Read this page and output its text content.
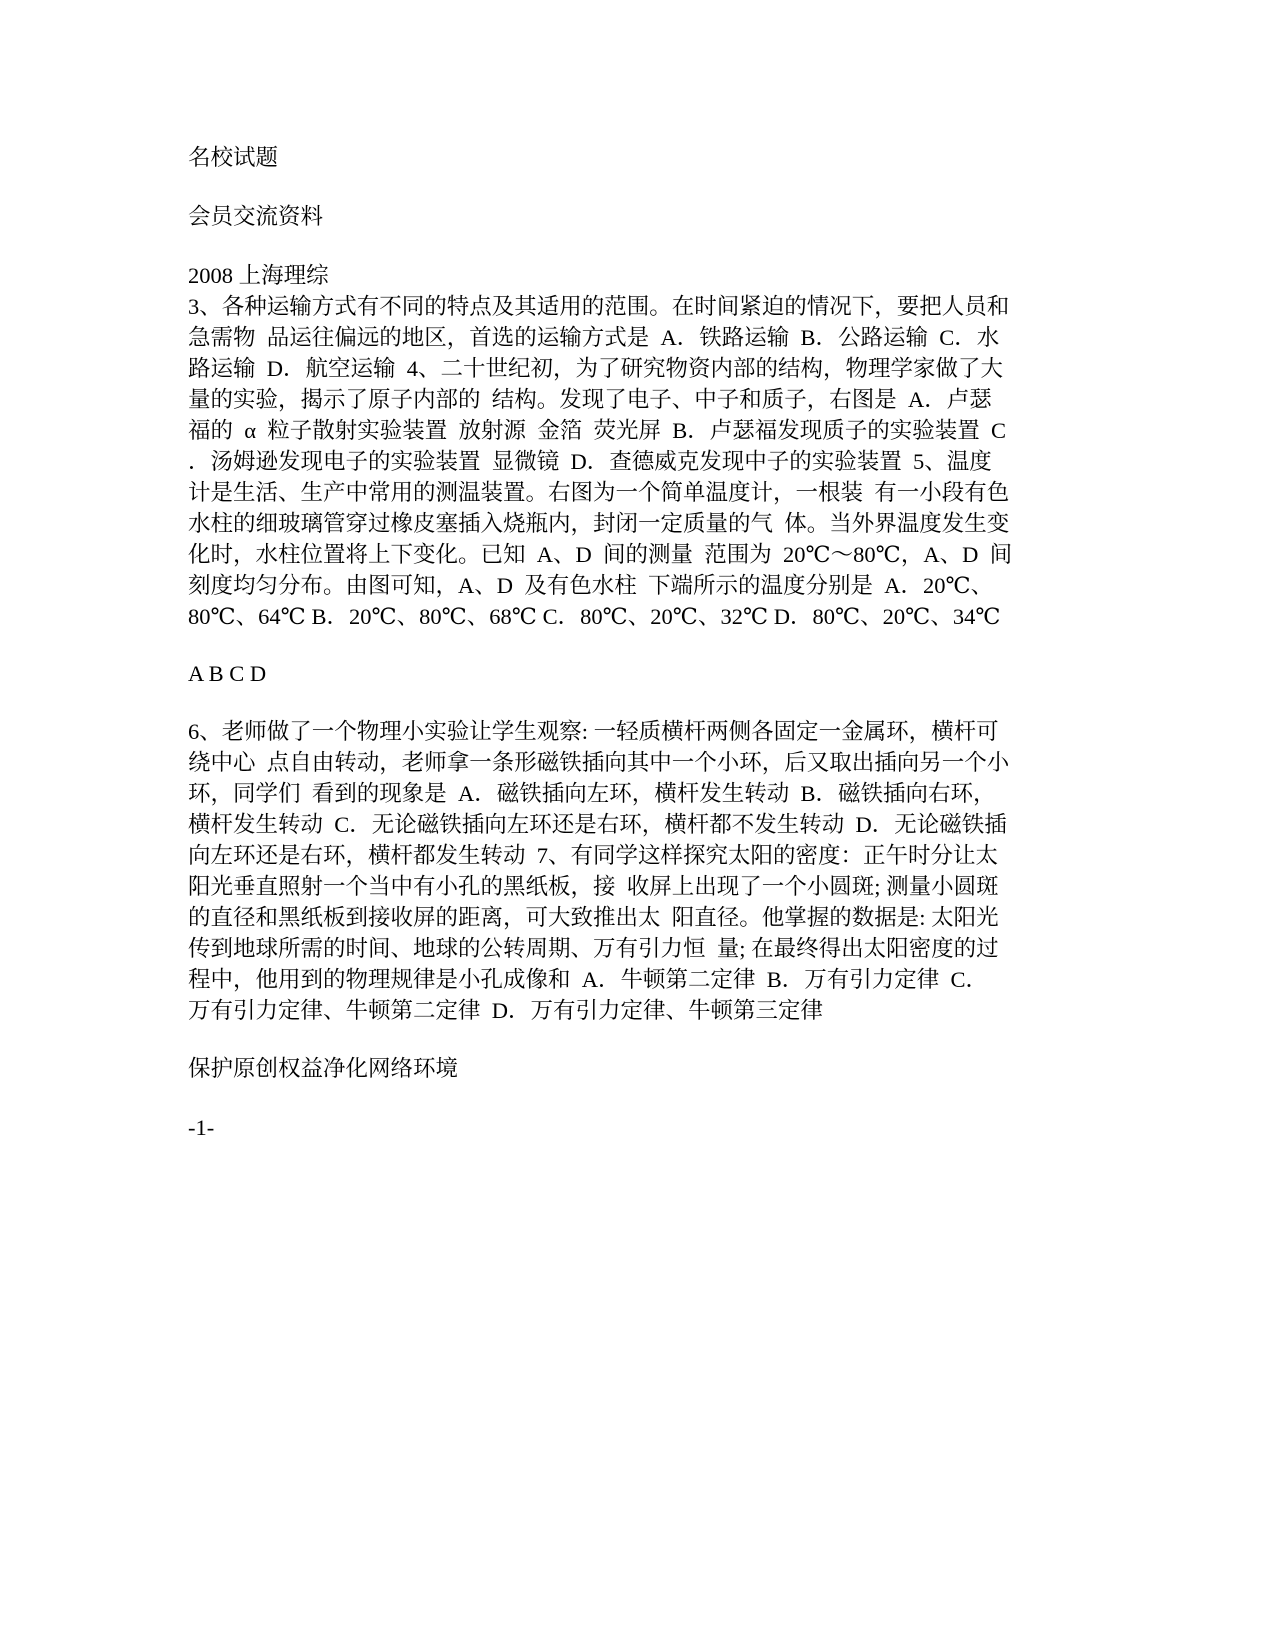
名校试题
会员交流资料
2008 上海理综
3、各种运输方式有不同的特点及其适用的范围。在时间紧迫的情况下，要把人员和
急需物  品运往偏远的地区，首选的运输方式是  A．铁路运输  B．公路运输  C．水
路运输  D．航空运输  4、二十世纪初，为了研究物资内部的结构，物理学家做了大
量的实验，揭示了原子内部的  结构。发现了电子、中子和质子，右图是  A．卢瑟
福的  α  粒子散射实验装置  放射源  金箔  荧光屏  B．卢瑟福发现质子的实验装置  C
．汤姆逊发现电子的实验装置  显微镜  D．查德威克发现中子的实验装置  5、温度
计是生活、生产中常用的测温装置。右图为一个简单温度计，一根装  有一小段有色
水柱的细玻璃管穿过橡皮塞插入烧瓶内，封闭一定质量的气  体。当外界温度发生变
化时，水柱位置将上下变化。已知  A、D  间的测量  范围为  20℃～80℃，A、D  间
刻度均匀分布。由图可知，A、D  及有色水柱  下端所示的温度分别是  A．20℃、
80℃、64℃ B．20℃、80℃、68℃ C．80℃、20℃、32℃ D．80℃、20℃、34℃
A B C D
6、老师做了一个物理小实验让学生观察: 一轻质横杆两侧各固定一金属环，横杆可
绕中心  点自由转动，老师拿一条形磁铁插向其中一个小环，后又取出插向另一个小
环，同学们  看到的现象是  A．磁铁插向左环，横杆发生转动  B．磁铁插向右环，
横杆发生转动  C．无论磁铁插向左环还是右环，横杆都不发生转动  D．无论磁铁插
向左环还是右环，横杆都发生转动  7、有同学这样探究太阳的密度：正午时分让太
阳光垂直照射一个当中有小孔的黑纸板，接  收屏上出现了一个小圆斑; 测量小圆斑
的直径和黑纸板到接收屏的距离，可大致推出太  阳直径。他掌握的数据是: 太阳光
传到地球所需的时间、地球的公转周期、万有引力恒  量; 在最终得出太阳密度的过
程中，他用到的物理规律是小孔成像和  A．牛顿第二定律  B．万有引力定律  C．
万有引力定律、牛顿第二定律  D．万有引力定律、牛顿第三定律
保护原创权益净化网络环境
-1-
